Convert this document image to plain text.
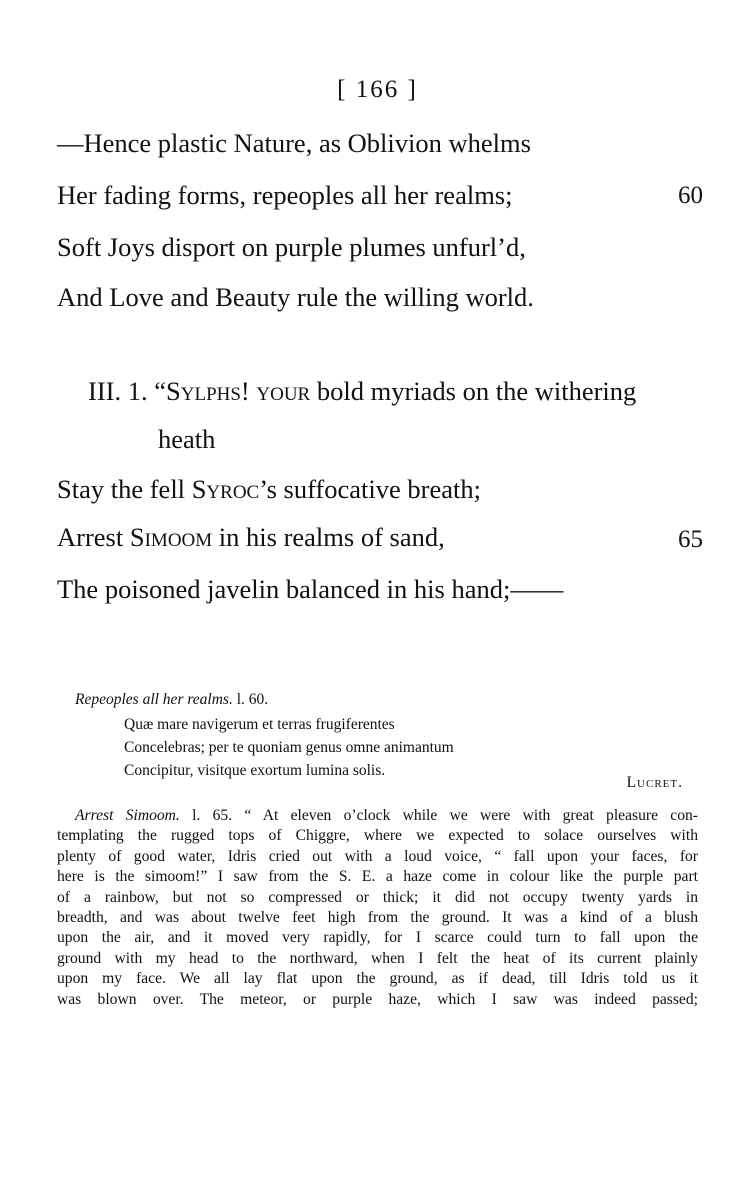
[ 166 ]
—Hence plastic Nature, as Oblivion whelms
Her fading forms, repeoples all her realms;	60
Soft Joys disport on purple plumes unfurl’d,
And Love and Beauty rule the willing world.
III. 1. “Sylphs! your bold myriads on the withering
heath
Stay the fell Syroc’s suffocative breath;
Arrest Simoom in his realms of sand,	65
The poisoned javelin balanced in his hand;——
Repeoples all her realms. l. 60.
Quæ mare navigerum et terras frugiferentes
Concelebras; per te quoniam genus omne animantum
Concipitur, visitque exortum lumina solis.
Lucret.
Arrest Simoom. l. 65. “ At eleven o’clock while we were with great pleasure con-
templating the rugged tops of Chiggre, where we expected to solace ourselves with
plenty of good water, Idris cried out with a loud voice, “ fall upon your faces, for
here is the simoom!” I saw from the S. E. a haze come in colour like the purple part
of a rainbow, but not so compressed or thick; it did not occupy twenty yards in
breadth, and was about twelve feet high from the ground. It was a kind of a blush
upon the air, and it moved very rapidly, for I scarce could turn to fall upon the
ground with my head to the northward, when I felt the heat of its current plainly
upon my face. We all lay flat upon the ground, as if dead, till Idris told us it
was blown over. The meteor, or purple haze, which I saw was indeed passed;
